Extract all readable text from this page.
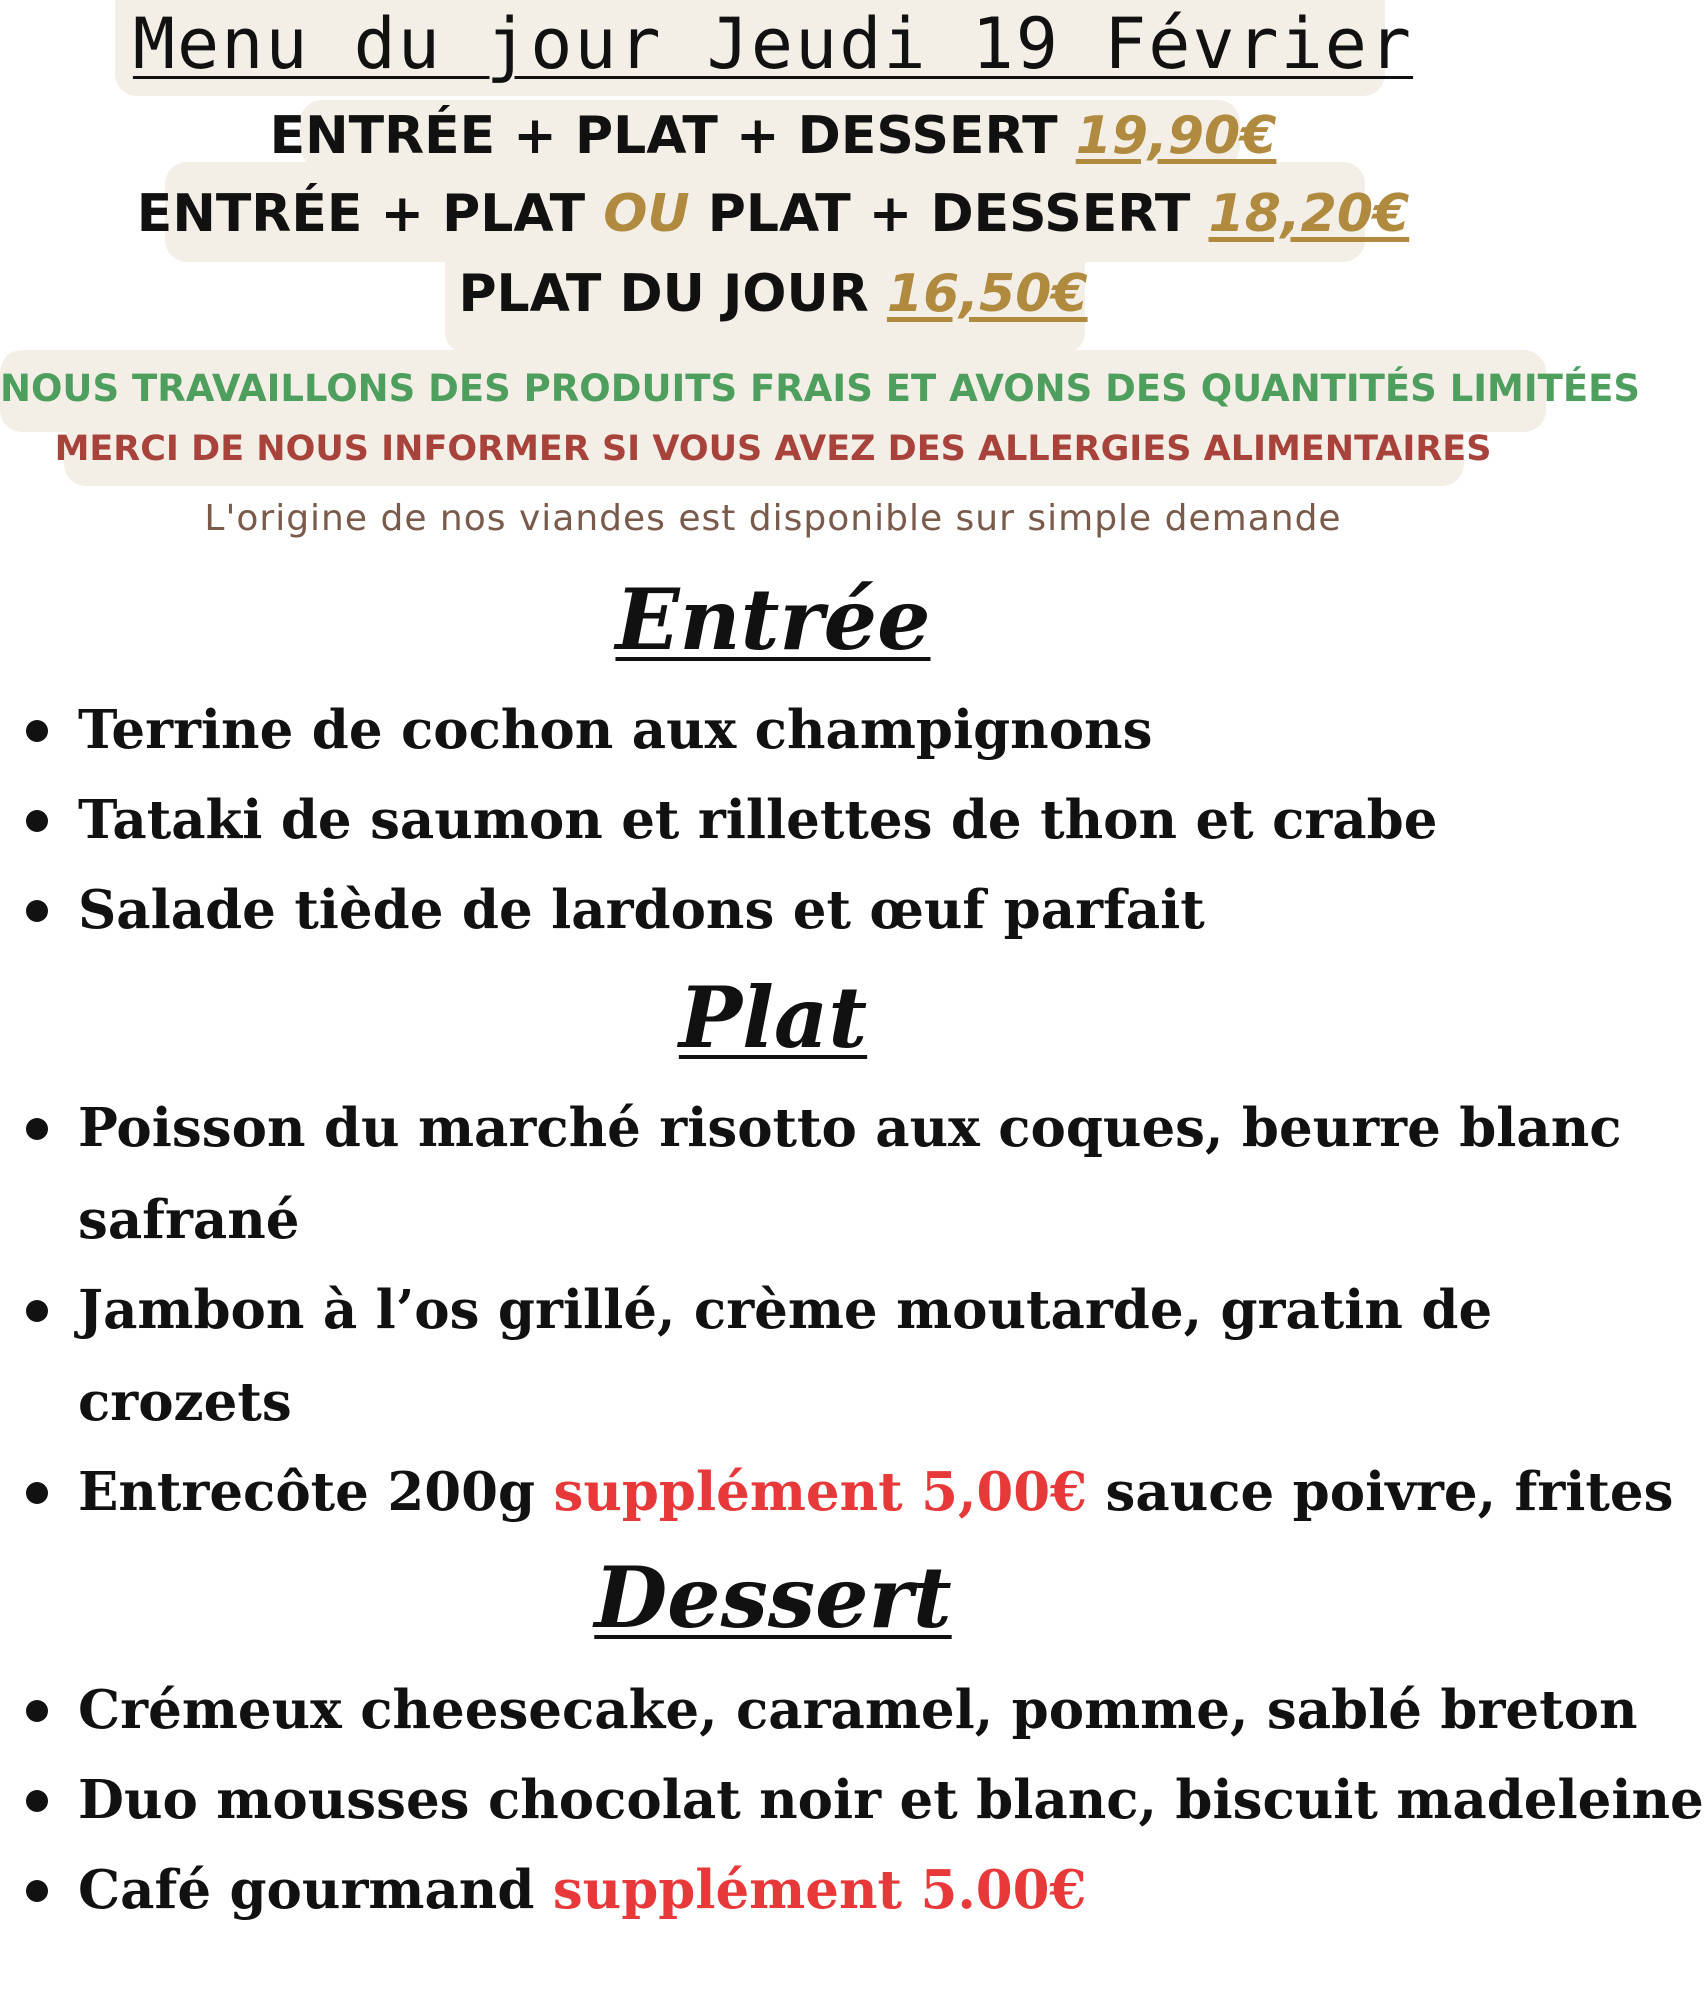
Menu du jour Jeudi 19 Février
ENTRÉE + PLAT + DESSERT 19,90€
ENTRÉE + PLAT OU PLAT + DESSERT 18,20€
PLAT DU JOUR 16,50€
NOUS TRAVAILLONS DES PRODUITS FRAIS ET AVONS DES QUANTITÉS LIMITÉES
MERCI DE NOUS INFORMER SI VOUS AVEZ DES ALLERGIES ALIMENTAIRES
L'origine de nos viandes est disponible sur simple demande
Entrée
Terrine de cochon aux champignons
Tataki de saumon et rillettes de thon et crabe
Salade tiède de lardons et œuf parfait
Plat
Poisson du marché risotto aux coques, beurre blanc
safrané
Jambon à l’os grillé, crème moutarde, gratin de
crozets
Entrecôte 200g supplément 5,00€ sauce poivre, frites
Dessert
Crémeux cheesecake, caramel, pomme, sablé breton
Duo mousses chocolat noir et blanc, biscuit madeleine
Café gourmand supplément 5.00€
